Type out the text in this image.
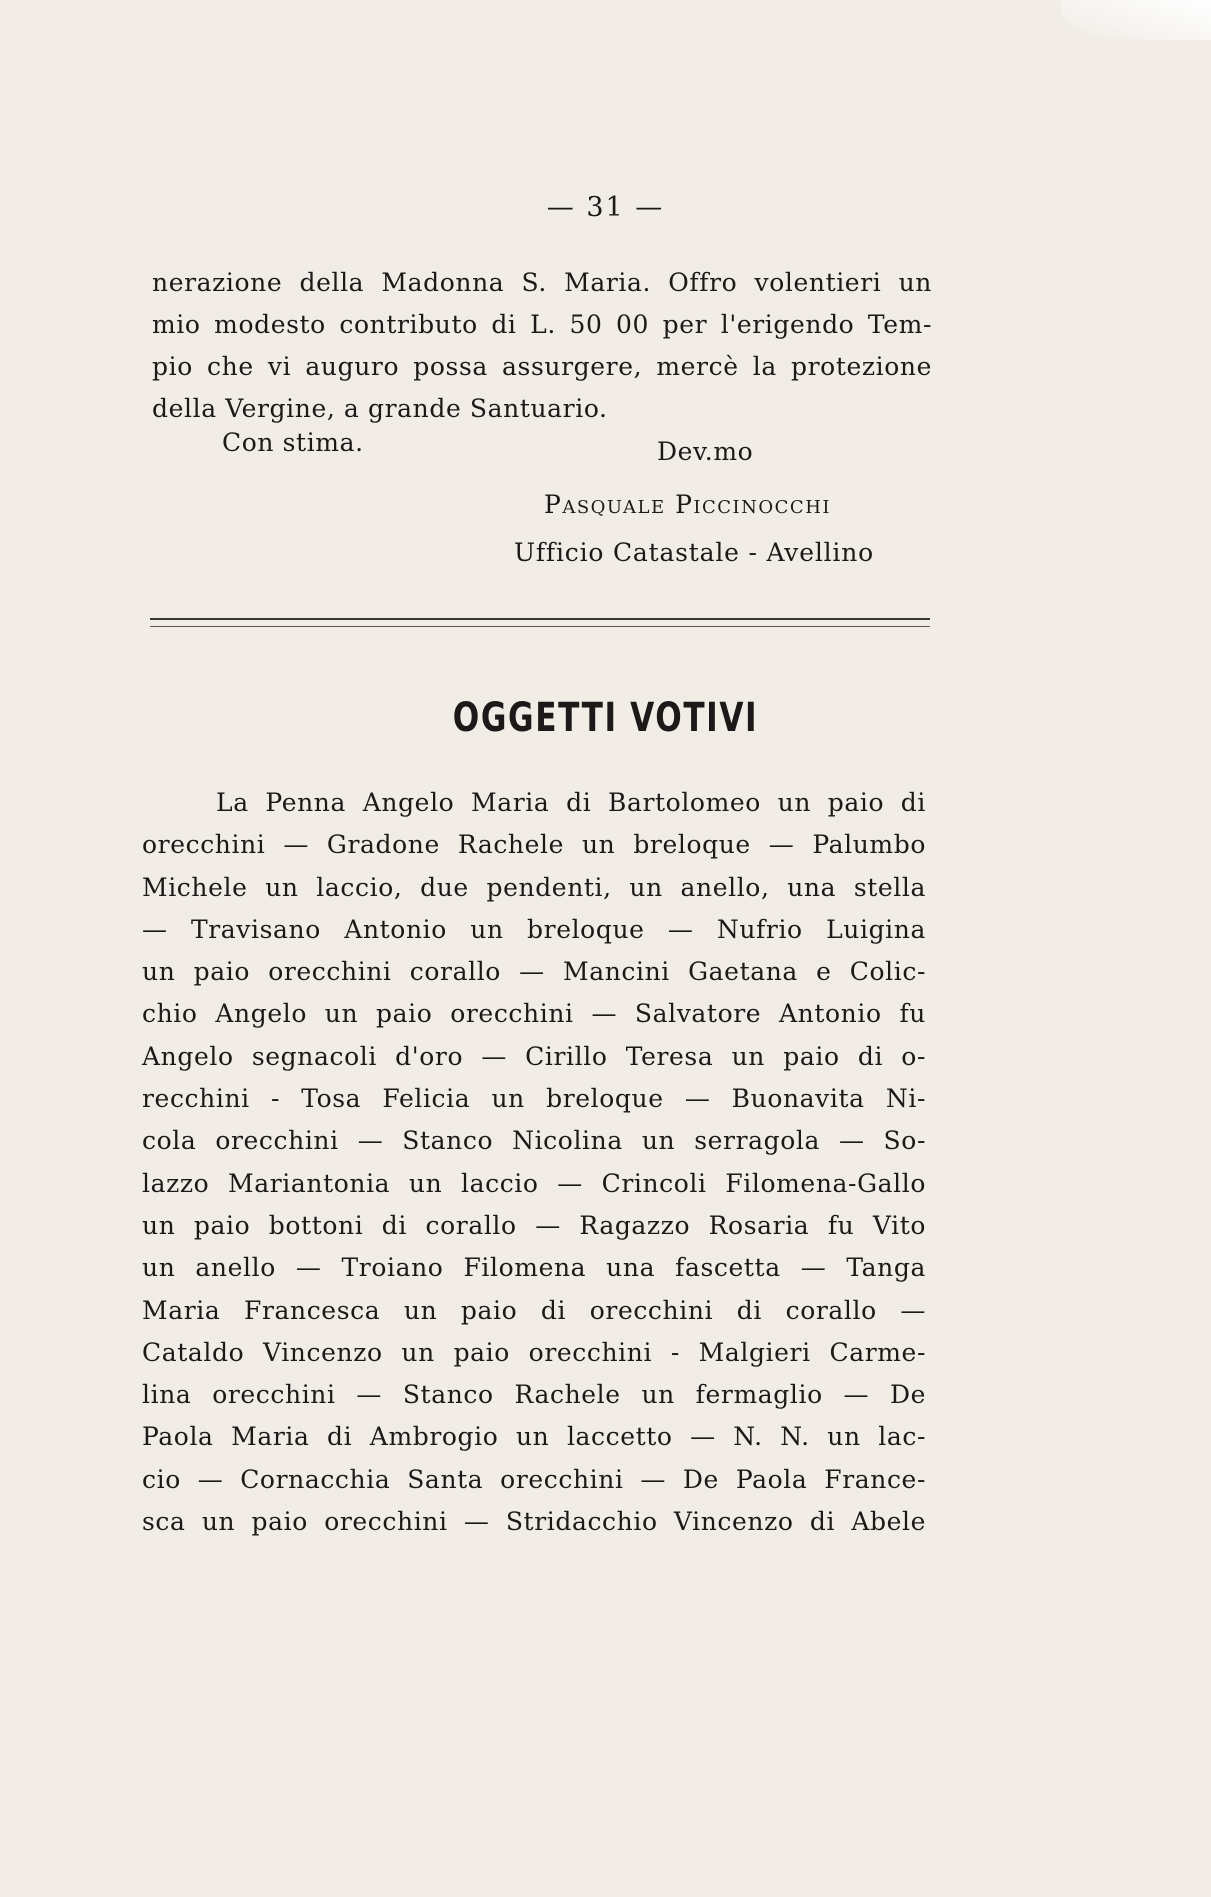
— 31 —

nerazione della Madonna S. Maria. Offro volentieri un
mio modesto contributo di L. 50 00 per l'erigendo Tem-
pio che vi auguro possa assurgere, mercè la protezione
della Vergine, a grande Santuario.

Con stima.	Dev.mo
Pasquale Piccinocchi
Ufficio Catastale - Avellino
OGGETTI VOTIVI

La Penna Angelo Maria di Bartolomeo un paio di
orecchini — Gradone Rachele un breloque — Palumbo
Michele un laccio, due pendenti, un anello, una stella
— Travisano Antonio un breloque — Nufrio Luigina
un paio orecchini corallo — Mancini Gaetana e Colic-
chio Angelo un paio orecchini — Salvatore Antonio fu
Angelo segnacoli d'oro — Cirillo Teresa un paio di o-
recchini - Tosa Felicia un breloque — Buonavita Ni-
cola orecchini — Stanco Nicolina un serragola — So-
lazzo Mariantonia un laccio — Crincoli Filomena-Gallo
un paio bottoni di corallo — Ragazzo Rosaria fu Vito
un anello — Troiano Filomena una fascetta — Tanga
Maria Francesca un paio di orecchini di corallo —
Cataldo Vincenzo un paio orecchini - Malgieri Carme-
lina orecchini — Stanco Rachele un fermaglio — De
Paola Maria di Ambrogio un laccetto — N. N. un lac-
cio — Cornacchia Santa orecchini — De Paola France-
sca un paio orecchini — Stridacchio Vincenzo di Abele
